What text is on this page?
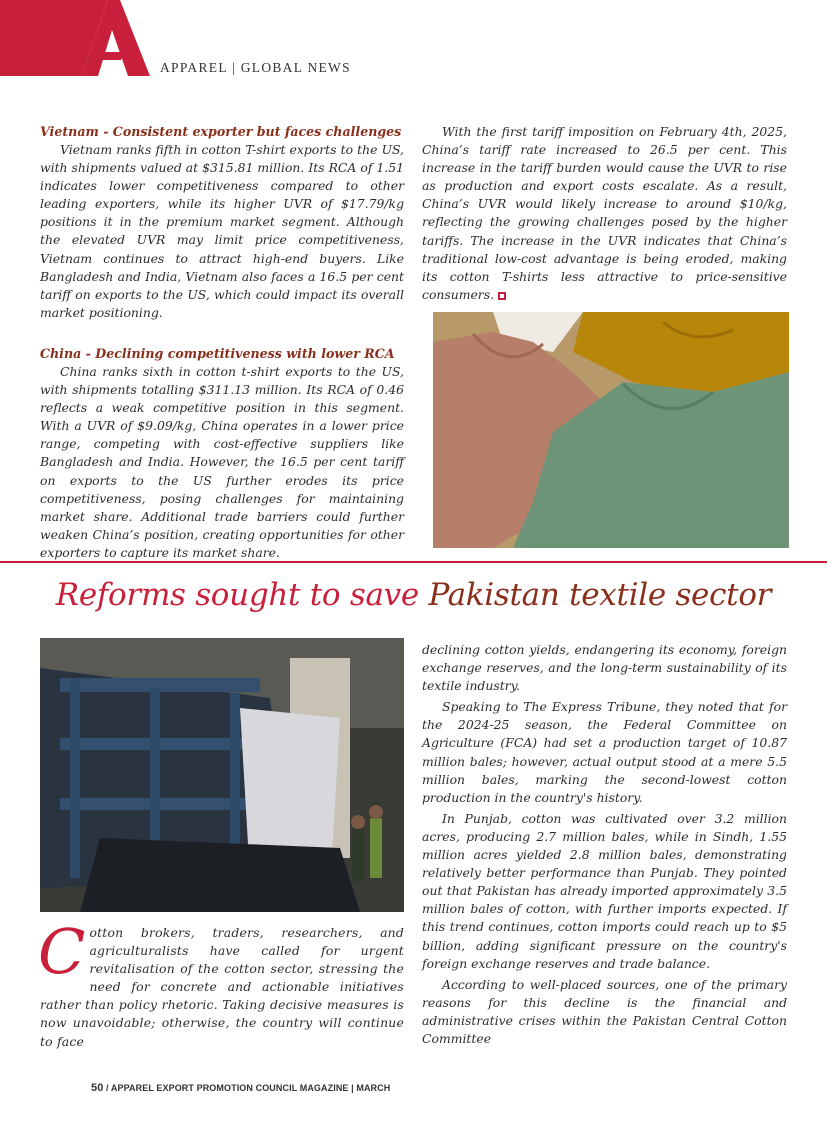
APPAREL | GLOBAL NEWS
Vietnam - Consistent exporter but faces challenges

Vietnam ranks fifth in cotton T-shirt exports to the US, with shipments valued at $315.81 million. Its RCA of 1.51 indicates lower competitiveness compared to other leading exporters, while its higher UVR of $17.79/kg positions it in the premium market segment. Although the elevated UVR may limit price competitiveness, Vietnam continues to attract high-end buyers. Like Bangladesh and India, Vietnam also faces a 16.5 per cent tariff on exports to the US, which could impact its overall market positioning.

China - Declining competitiveness with lower RCA

China ranks sixth in cotton t-shirt exports to the US, with shipments totalling $311.13 million. Its RCA of 0.46 reflects a weak competitive position in this segment. With a UVR of $9.09/kg, China operates in a lower price range, competing with cost-effective suppliers like Bangladesh and India. However, the 16.5 per cent tariff on exports to the US further erodes its price competitiveness, posing challenges for maintaining market share. Additional trade barriers could further weaken China’s position, creating opportunities for other exporters to capture its market share.

With the first tariff imposition on February 4th, 2025, China’s tariff rate increased to 26.5 per cent. This increase in the tariff burden would cause the UVR to rise as production and export costs escalate. As a result, China’s UVR would likely increase to around $10/kg, reflecting the growing challenges posed by the higher tariffs. The increase in the UVR indicates that China’s traditional low-cost advantage is being eroded, making its cotton T-shirts less attractive to price-sensitive consumers.

Reforms sought to save Pakistan textile sector

C otton brokers, traders, researchers, and agriculturalists have called for urgent revitalisation of the cotton sector, stressing the need for concrete and actionable initiatives rather than policy rhetoric. Taking decisive measures is now unavoidable; otherwise, the country will continue to face

declining cotton yields, endangering its economy, foreign exchange reserves, and the long-term sustainability of its textile industry.

Speaking to The Express Tribune, they noted that for the 2024-25 season, the Federal Committee on Agriculture (FCA) had set a production target of 10.87 million bales; however, actual output stood at a mere 5.5 million bales, marking the second-lowest cotton production in the country's history.

In Punjab, cotton was cultivated over 3.2 million acres, producing 2.7 million bales, while in Sindh, 1.55 million acres yielded 2.8 million bales, demonstrating relatively better performance than Punjab. They pointed out that Pakistan has already imported approximately 3.5 million bales of cotton, with further imports expected. If this trend continues, cotton imports could reach up to $5 billion, adding significant pressure on the country's foreign exchange reserves and trade balance.

According to well-placed sources, one of the primary reasons for this decline is the financial and administrative crises within the Pakistan Central Cotton Committee

50 / APPAREL EXPORT PROMOTION COUNCIL MAGAZINE | MARCH
